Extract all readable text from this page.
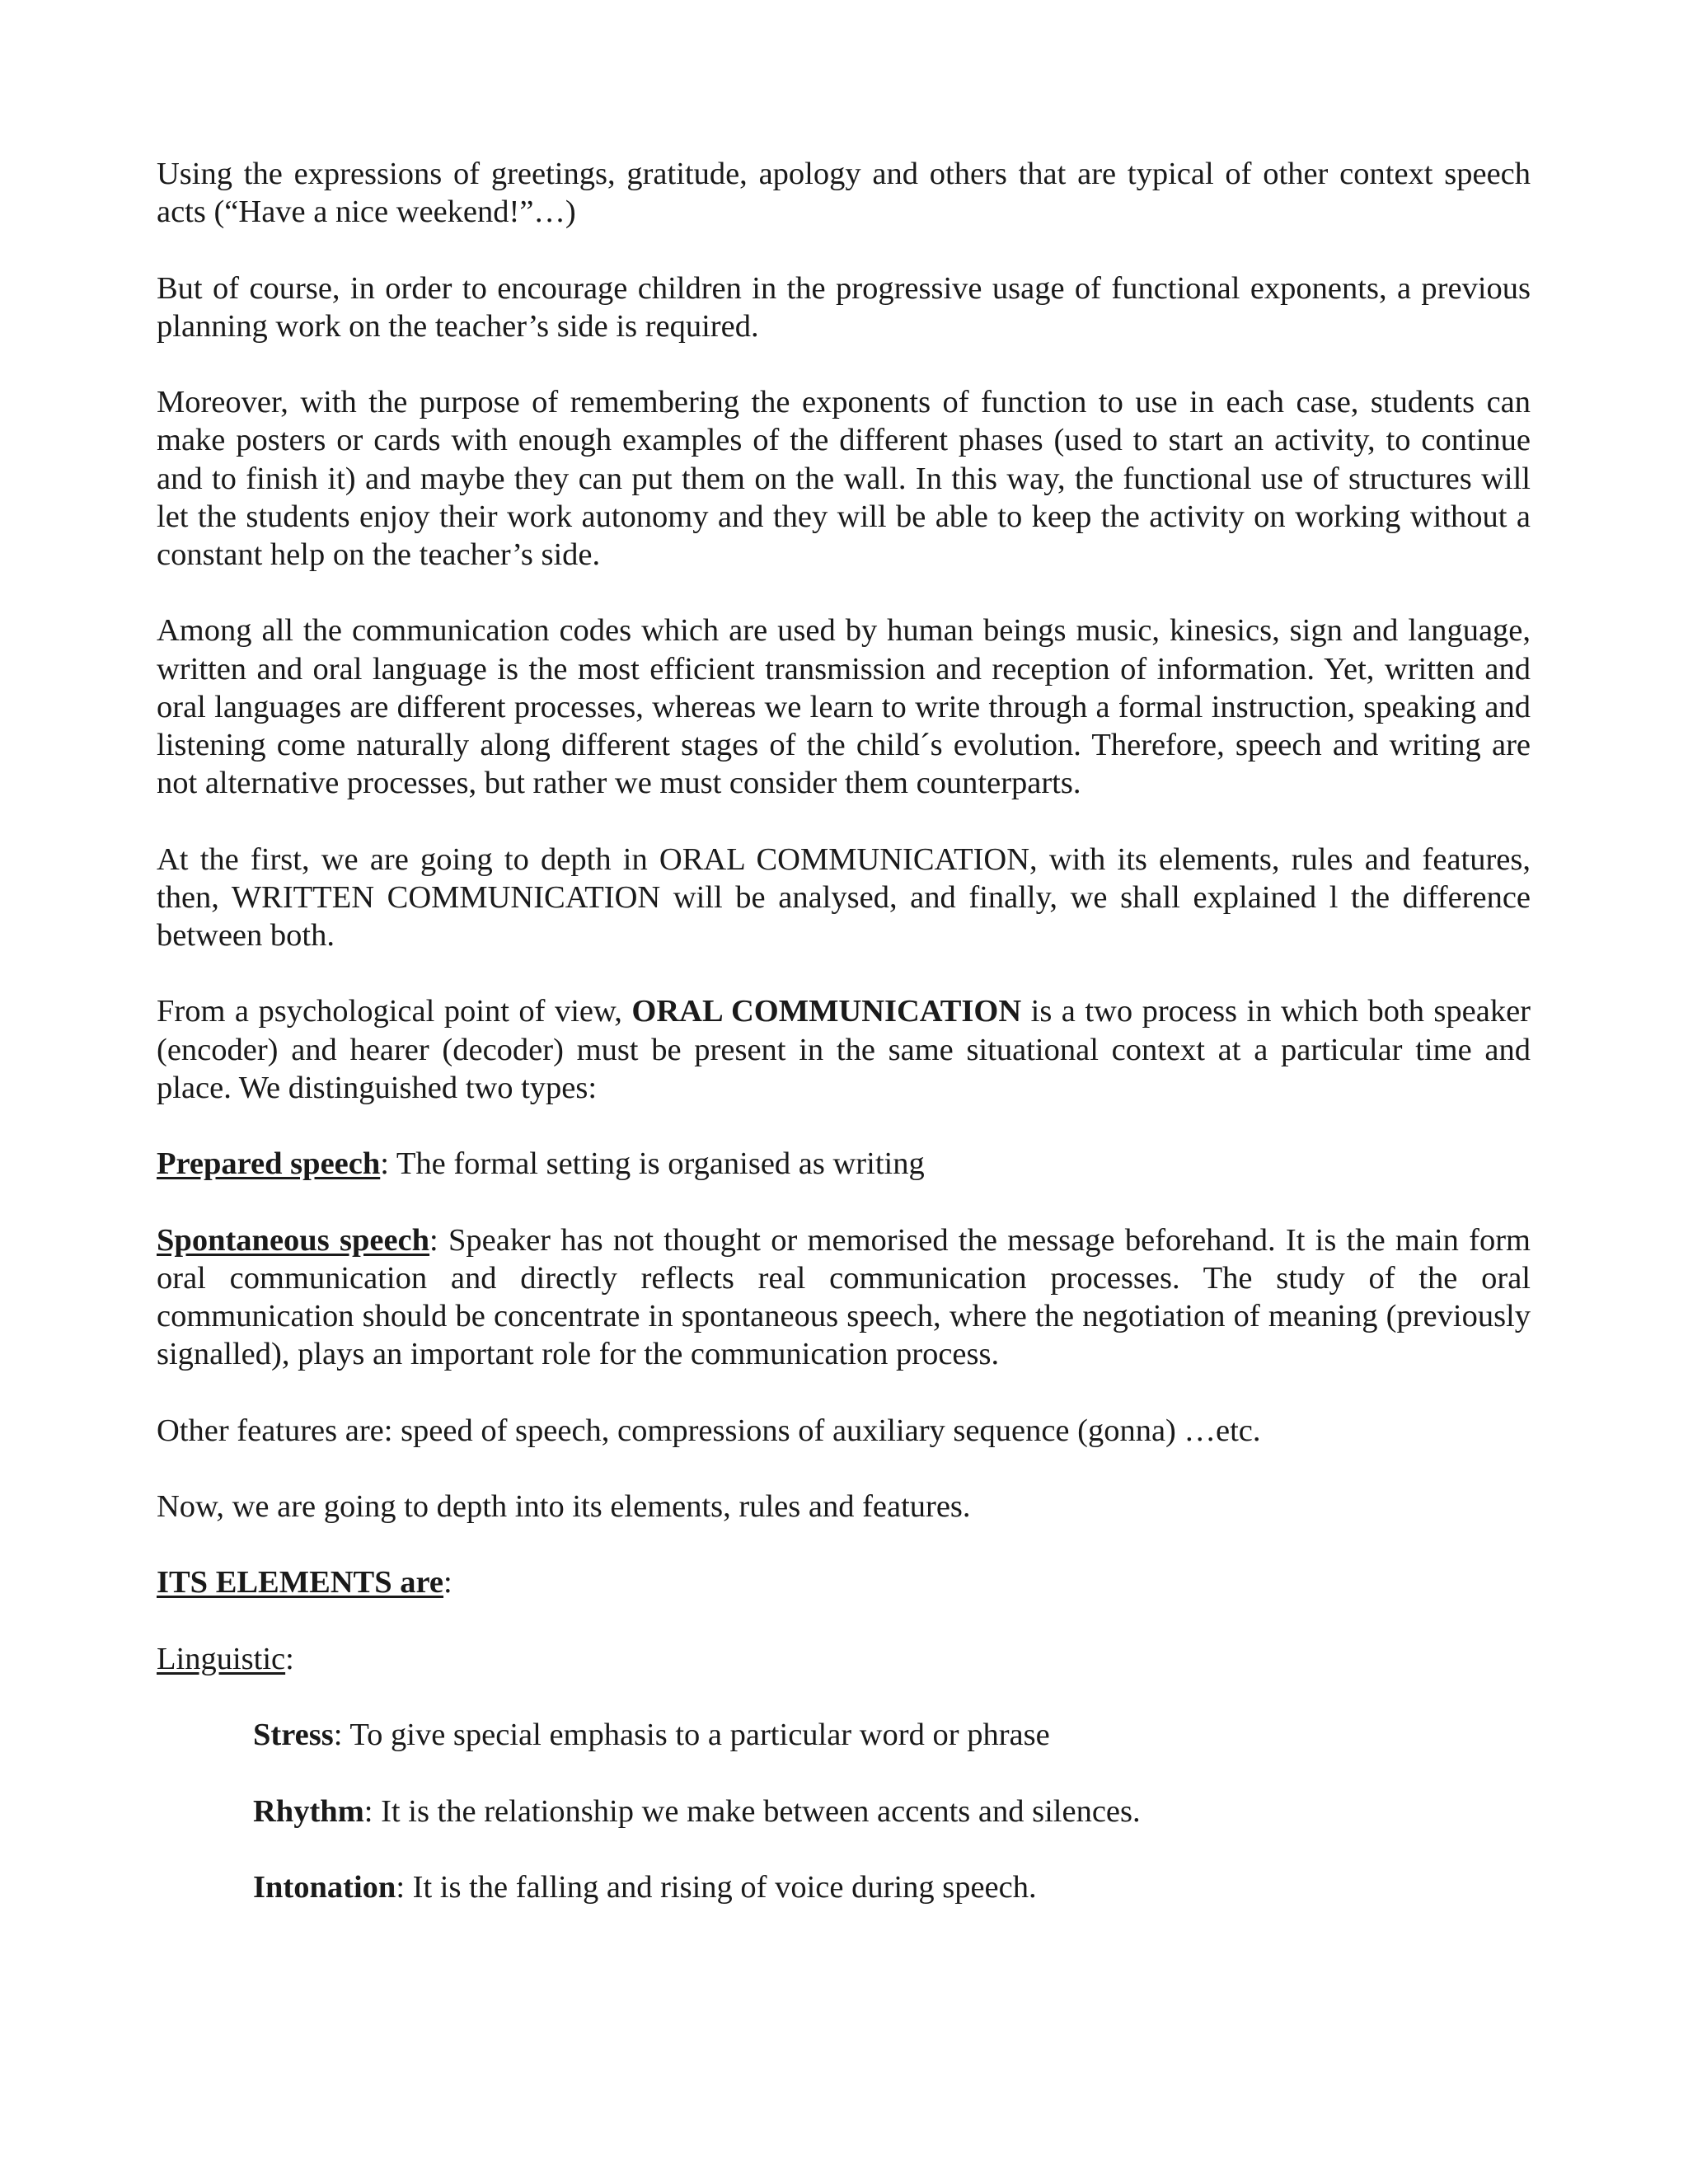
Using the expressions of greetings, gratitude, apology and others that are typical of other context speech acts (“Have a nice weekend!”…)

But of course, in order to encourage children in the progressive usage of functional exponents, a previous planning work on the teacher’s side is required.

Moreover, with the purpose of remembering the exponents of function to use in each case, students can make posters or cards with enough examples of the different phases (used to start an activity, to continue and to finish it) and maybe they can put them on the wall. In this way, the functional use of structures will let the students enjoy their work autonomy and they will be able to keep the activity on working without a constant help on the teacher’s side.

Among all the communication codes which are used by human beings music, kinesics, sign and language, written and oral language is the most efficient transmission and reception of information. Yet, written and oral languages are different processes, whereas we learn to write through a formal instruction, speaking and listening come naturally along different stages of the child´s evolution. Therefore, speech and writing are not alternative processes, but rather we must consider them counterparts.

At the first, we are going to depth in ORAL COMMUNICATION, with its elements, rules and features, then, WRITTEN COMMUNICATION will be analysed, and finally, we shall explained l the difference between both.

From a psychological point of view, ORAL COMMUNICATION is a two process in which both speaker (encoder) and hearer (decoder) must be present in the same situational context at a particular time and place. We distinguished two types:

Prepared speech: The formal setting is organised as writing

Spontaneous speech: Speaker has not thought or memorised the message beforehand. It is the main form oral communication and directly reflects real communication processes. The study of the oral communication should be concentrate in spontaneous speech, where the negotiation of meaning (previously signalled), plays an important role for the communication process.

Other features are: speed of speech, compressions of auxiliary sequence (gonna) …etc.

Now, we are going to depth into its elements, rules and features.

ITS ELEMENTS are:

Linguistic:

Stress: To give special emphasis to a particular word or phrase

Rhythm: It is the relationship we make between accents and silences.

Intonation: It is the falling and rising of voice during speech.
